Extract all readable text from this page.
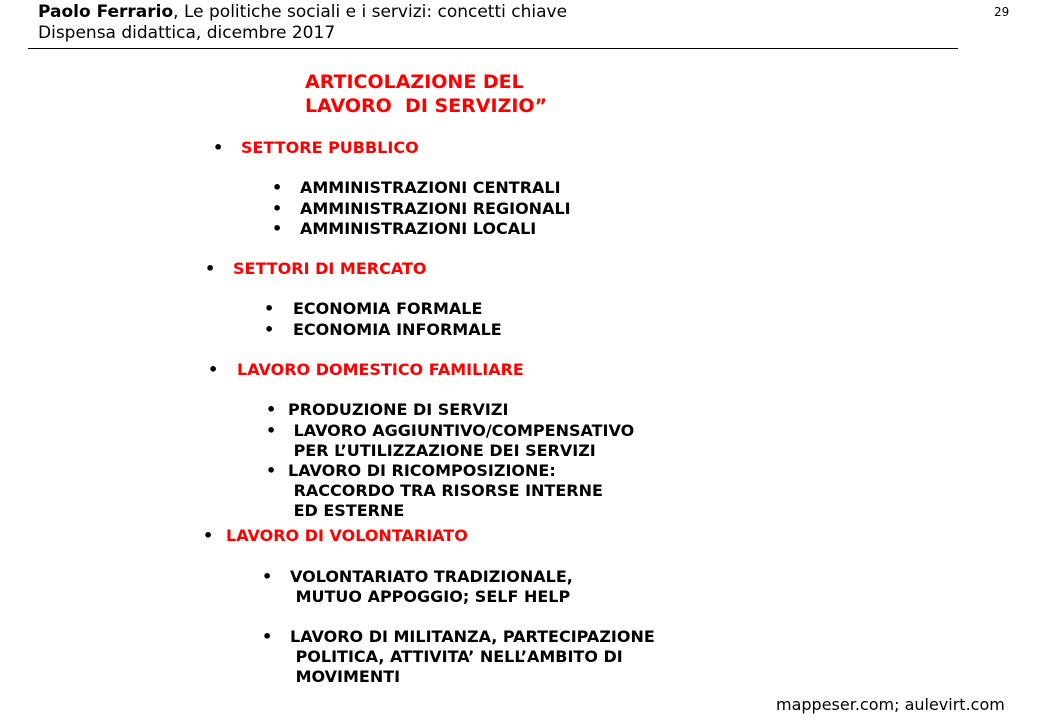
Paolo Ferrario, Le politiche sociali e i servizi: concetti chiave
Dispensa didattica, dicembre 2017
29
ARTICOLAZIONE DEL
LAVORO  DI SERVIZIO”
• SETTORE PUBBLICO
• AMMINISTRAZIONI CENTRALI
• AMMINISTRAZIONI REGIONALI
• AMMINISTRAZIONI LOCALI
• SETTORI DI MERCATO
• ECONOMIA FORMALE
• ECONOMIA INFORMALE
• LAVORO DOMESTICO FAMILIARE
• PRODUZIONE DI SERVIZI
•	LAVORO AGGIUNTIVO/COMPENSATIVO
PER L’UTILIZZAZIONE DEI SERVIZI
• LAVORO DI RICOMPOSIZIONE:
RACCORDO TRA RISORSE INTERNE
ED ESTERNE
• LAVORO DI VOLONTARIATO
• VOLONTARIATO TRADIZIONALE,
MUTUO APPOGGIO; SELF HELP
• LAVORO DI MILITANZA, PARTECIPAZIONE
POLITICA, ATTIVITA’ NELL’AMBITO DI
MOVIMENTI
mappeser.com; aulevirt.com
